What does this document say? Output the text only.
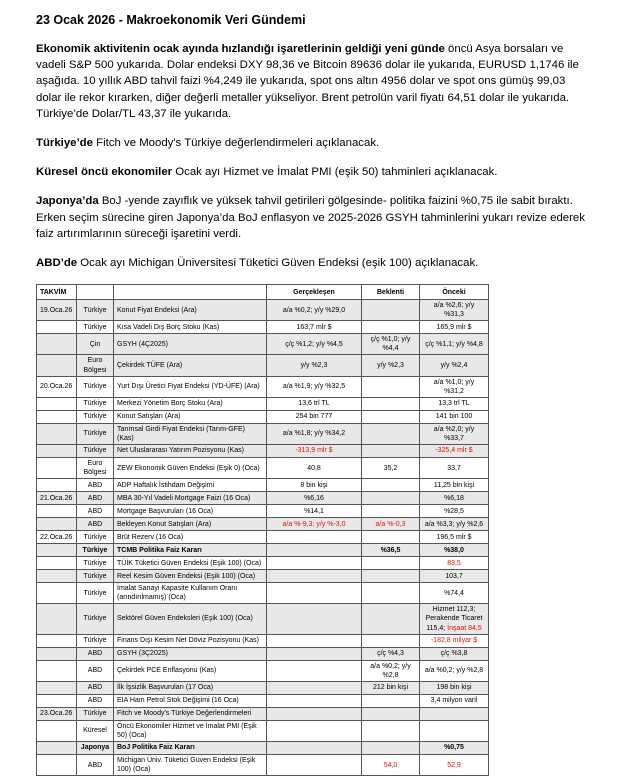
23 Ocak 2026 - Makroekonomik Veri Gündemi

Ekonomik aktivitenin ocak ayında hızlandığı işaretlerinin geldiği yeni günde öncü Asya borsaları ve vadeli S&P 500 yukarıda. Dolar endeksi DXY 98,36 ve Bitcoin 89636 dolar ile yukarıda, EURUSD 1,1746 ile aşağıda. 10 yıllık ABD tahvil faizi %4,249 ile yukarıda, spot ons altın 4956 dolar ve spot ons gümüş 99,03 dolar ile rekor kırarken, diğer değerli metaller yükseliyor. Brent petrolün varil fiyatı 64,51 dolar ile yukarıda. Türkiye’de Dolar/TL 43,37 ile yukarıda.

Türkiye’de Fitch ve Moody's Türkiye değerlendirmeleri açıklanacak.

Küresel öncü ekonomiler Ocak ayı Hizmet ve İmalat PMI (eşik 50) tahminleri açıklanacak.

Japonya’da BoJ -yende zayıflık ve yüksek tahvil getirileri gölgesinde- politika faizini %0,75 ile sabit bıraktı. Erken seçim sürecine giren Japonya’da BoJ enflasyon ve 2025-2026 GSYH tahminlerini yukarı revize ederek faiz artırımlarının süreceği işaretini verdi.

ABD’de Ocak ayı Michigan Üniversitesi Tüketici Güven Endeksi (eşik 100) açıklanacak.

TAKVİM			Gerçekleşen	Beklenti	Önceki
19.Oca.26	Türkiye	Konut Fiyat Endeksi (Ara)	a/a %0,2; y/y %29,0		a/a %2,6; y/y %31,3
	Türkiye	Kısa Vadeli Dış Borç Stoku (Kas)	163,7 mlr $		165,9 mlr $
	Çin	GSYH (4Ç2025)	ç/ç %1,2; y/y %4,5	ç/ç %1,0; y/y %4,4	ç/ç %1,1; y/y %4,8
	Euro Bölgesi	Çekirdek TÜFE (Ara)	y/y %2,3	y/y %2,3	y/y %2,4
20.Oca.26	Türkiye	Yurt Dışı Üretici Fiyat Endeksi (YD-ÜFE) (Ara)	a/a %1,9; y/y %32,5		a/a %1,0; y/y %31,2
	Türkiye	Merkezi Yönetim Borç Stoku (Ara)	13,6 trl TL		13,3 trl TL
	Türkiye	Konut Satışları (Ara)	254 bin 777		141 bin 100
	Türkiye	Tarımsal Girdi Fiyat Endeksi (Tarım-GFE) (Kas)	a/a %1,8; y/y %34,2		a/a %2,0; y/y %33,7
	Türkiye	Net Uluslararası Yatırım Pozisyonu (Kas)	-313,9 mlr $		-325,4 mlr $
	Euro Bölgesi	ZEW Ekonomik Güven Endeksi (Eşik 0) (Oca)	40,8	35,2	33,7
	ABD	ADP Haftalık İstihdam Değişimi	8 bin kişi		11,25 bin kişi
21.Oca.26	ABD	MBA 30-Yıl Vadeli Mortgage Faizi (16 Oca)	%6,16		%6,18
	ABD	Mortgage Başvuruları (16 Oca)	%14,1		%28,5
	ABD	Bekleyen Konut Satışları (Ara)	a/a %-9,3; y/y %-3,0	a/a %-0,3	a/a %3,3; y/y %2,6
22.Oca.26	Türkiye	Brüt Rezerv (16 Oca)			196,5 mlr $
	Türkiye	TCMB Politika Faiz Kararı		%36,5	%38,0
	Türkiye	TÜİK Tüketici Güven Endeksi (Eşik 100) (Oca)			83,5
	Türkiye	Reel Kesim Güven Endeksi (Eşik 100) (Oca)			103,7
	Türkiye	İmalat Sanayi Kapasite Kullanım Oranı (arındırılmamış) (Oca)			%74,4
	Türkiye	Sektörel Güven Endeksleri (Eşik 100) (Oca)			Hizmet 112,3; Perakende Ticaret 115,4; İnşaat 84,5
	Türkiye	Finans Dışı Kesim Net Döviz Pozisyonu (Kas)			-182,8 milyar $
	ABD	GSYH (3Ç2025)		ç/ç %4,3	ç/ç %3,8
	ABD	Çekirdek PCE Enflasyonu (Kas)		a/a %0,2; y/y %2,8	a/a %0,2; y/y %2,8
	ABD	İlk İşsizlik Başvuruları (17 Oca)		212 bin kişi	198 bin kişi
	ABD	EIA Ham Petrol Stok Değişimi (16 Oca)			3,4 milyon varil
23.Oca.26	Türkiye	Fitch ve Moody's Türkiye Değerlendirmeleri			
	Küresel	Öncü Ekonomiler Hizmet ve İmalat PMI (Eşik 50) (Oca)			
	Japonya	BoJ Politika Faiz Kararı			%0,75
	ABD	Michigan Üniv. Tüketici Güven Endeksi (Eşik 100) (Oca)		54,0	52,9
